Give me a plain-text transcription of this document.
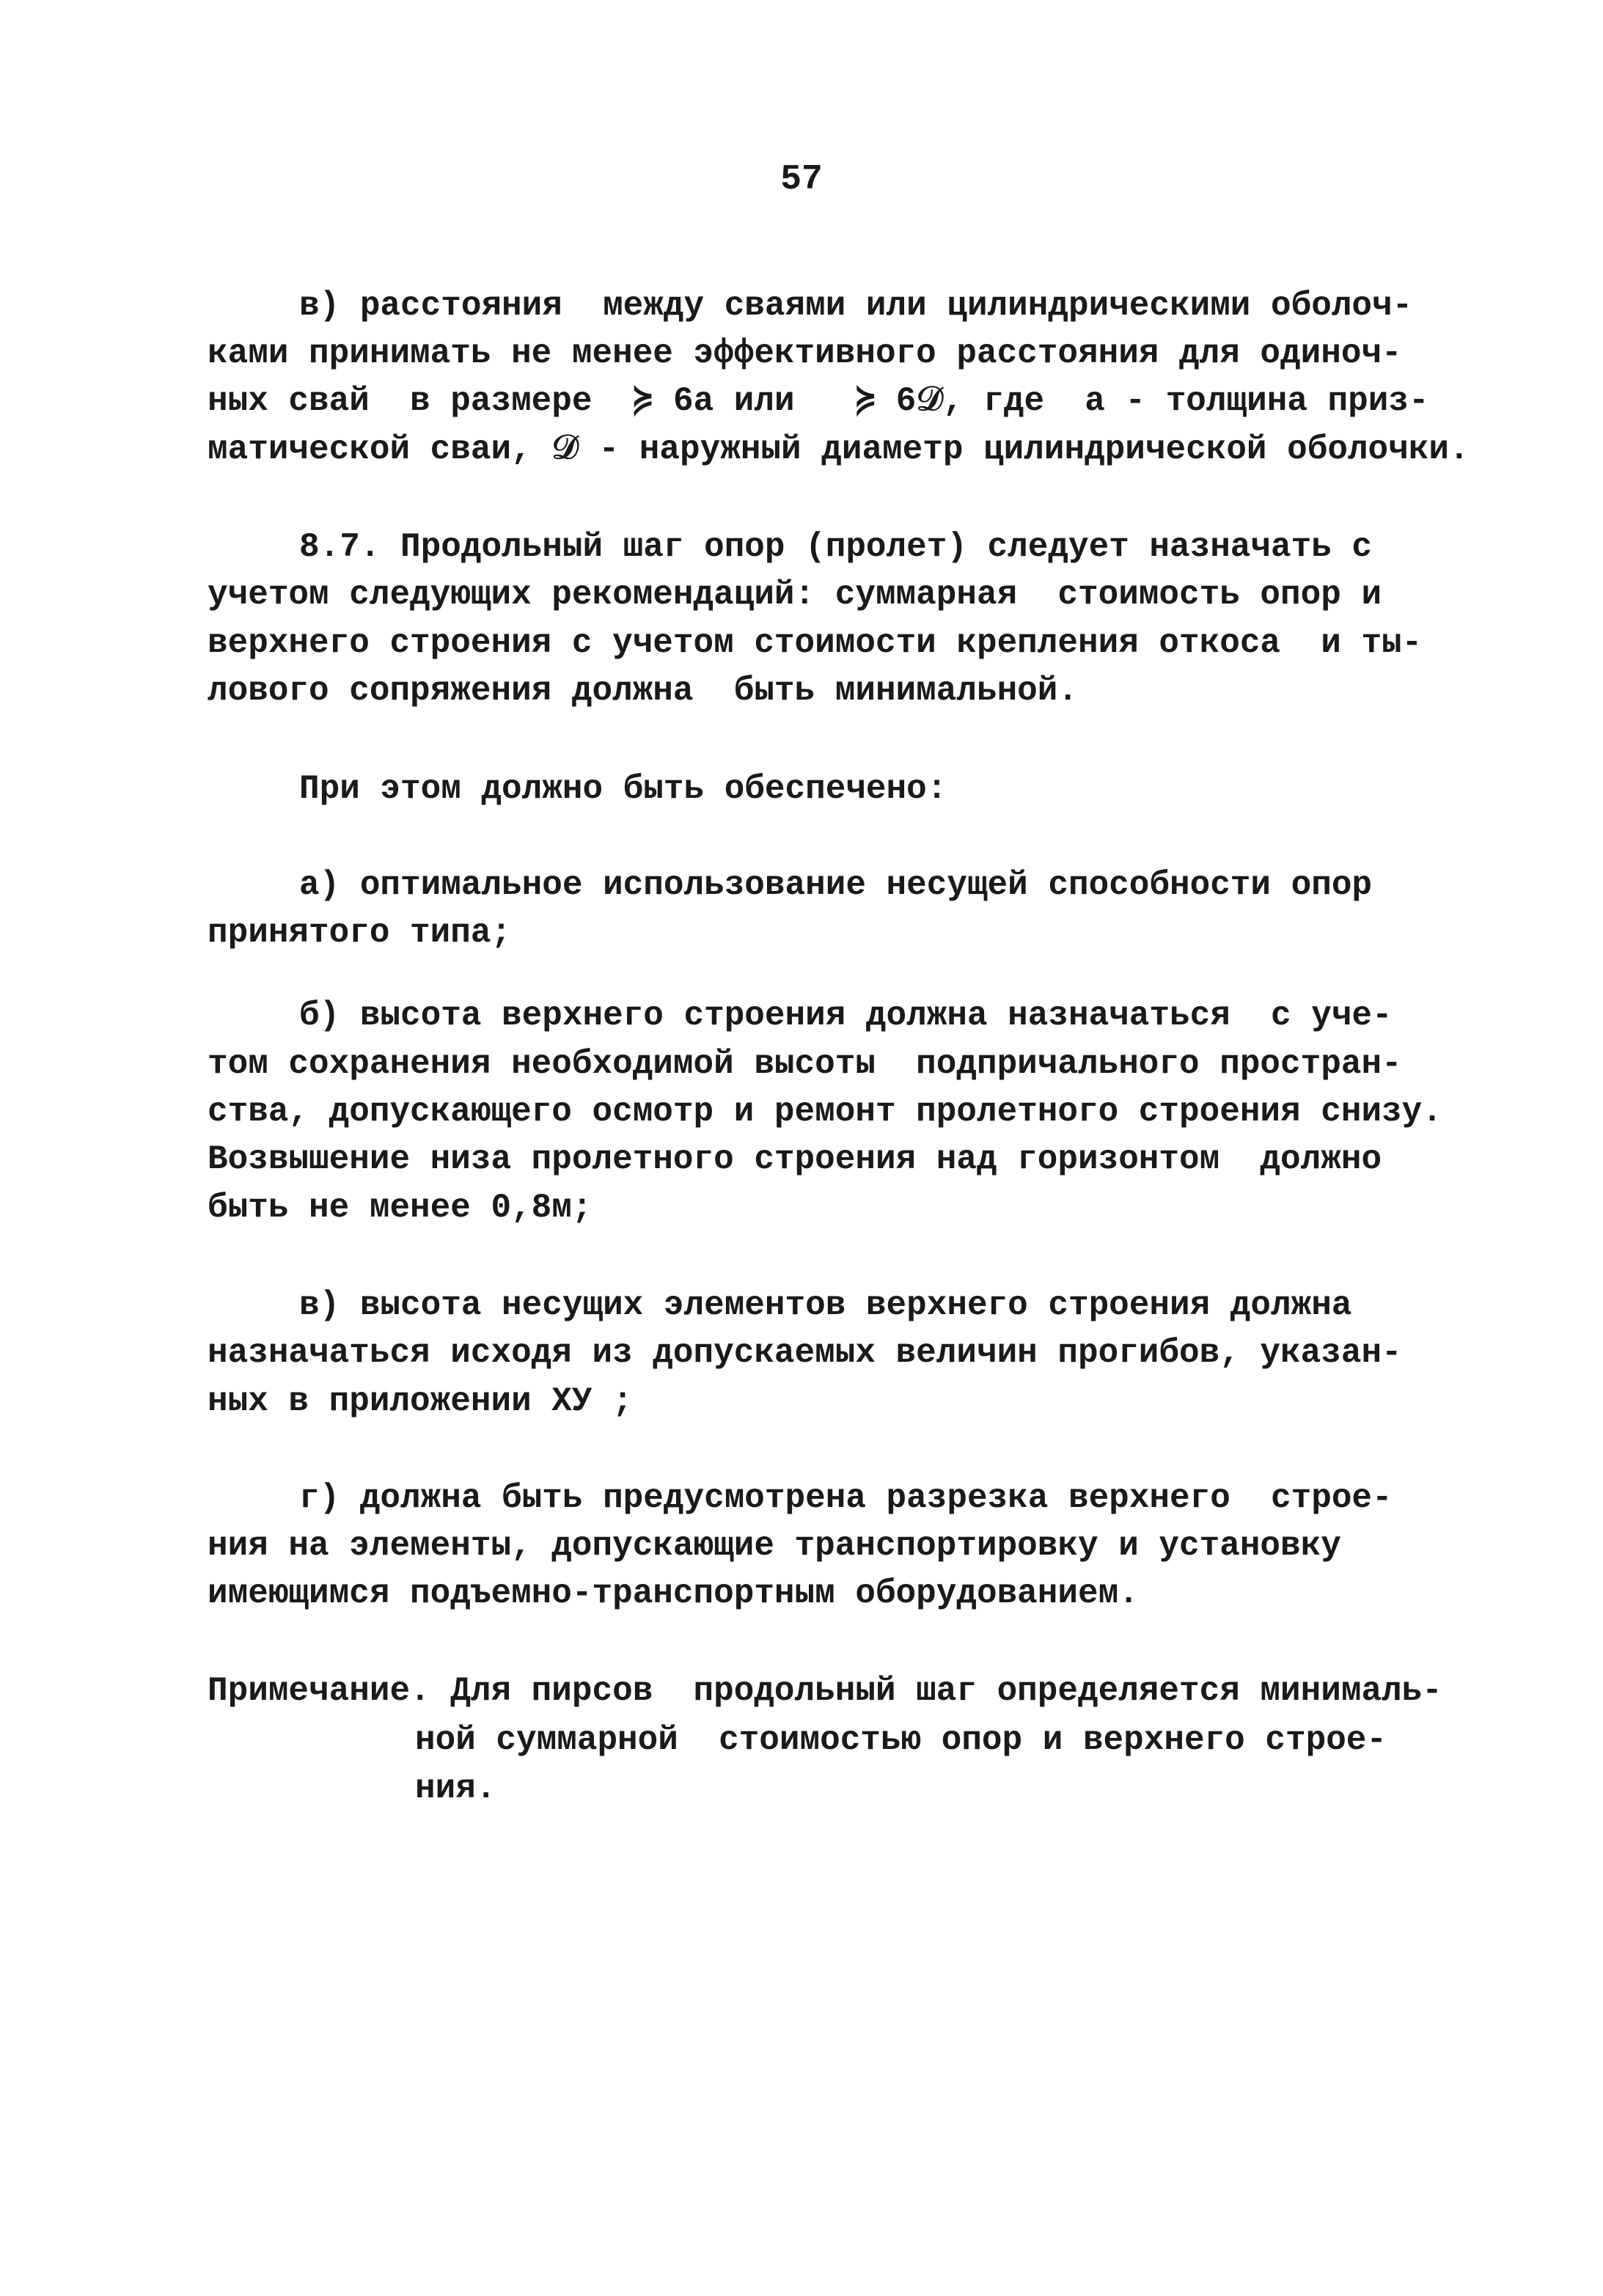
57
в) расстояния  между сваями или цилиндрическими оболоч-
ками принимать не менее эффективного расстояния для одиноч-
ных свай  в размере  ≽ 6а или   ≽ 6𝒟, где  а - толщина приз-
матической сваи, 𝒟 - наружный диаметр цилиндрической оболочки.
8.7. Продольный шаг опор (пролет) следует назначать с
учетом следующих рекомендаций: суммарная  стоимость опор и
верхнего строения с учетом стоимости крепления откоса  и ты-
лового сопряжения должна  быть минимальной.
При этом должно быть обеспечено:
а) оптимальное использование несущей способности опор
принятого типа;
б) высота верхнего строения должна назначаться  с уче-
том сохранения необходимой высоты  подпричального простран-
ства, допускающего осмотр и ремонт пролетного строения снизу.
Возвышение низа пролетного строения над горизонтом  должно
быть не менее 0,8м;
в) высота несущих элементов верхнего строения должна
назначаться исходя из допускаемых величин прогибов, указан-
ных в приложении ХУ ;
г) должна быть предусмотрена разрезка верхнего  строе-
ния на элементы, допускающие транспортировку и установку
имеющимся подъемно-транспортным оборудованием.
Примечание. Для пирсов  продольный шаг определяется минималь-
ной суммарной  стоимостью опор и верхнего строе-
ния.
